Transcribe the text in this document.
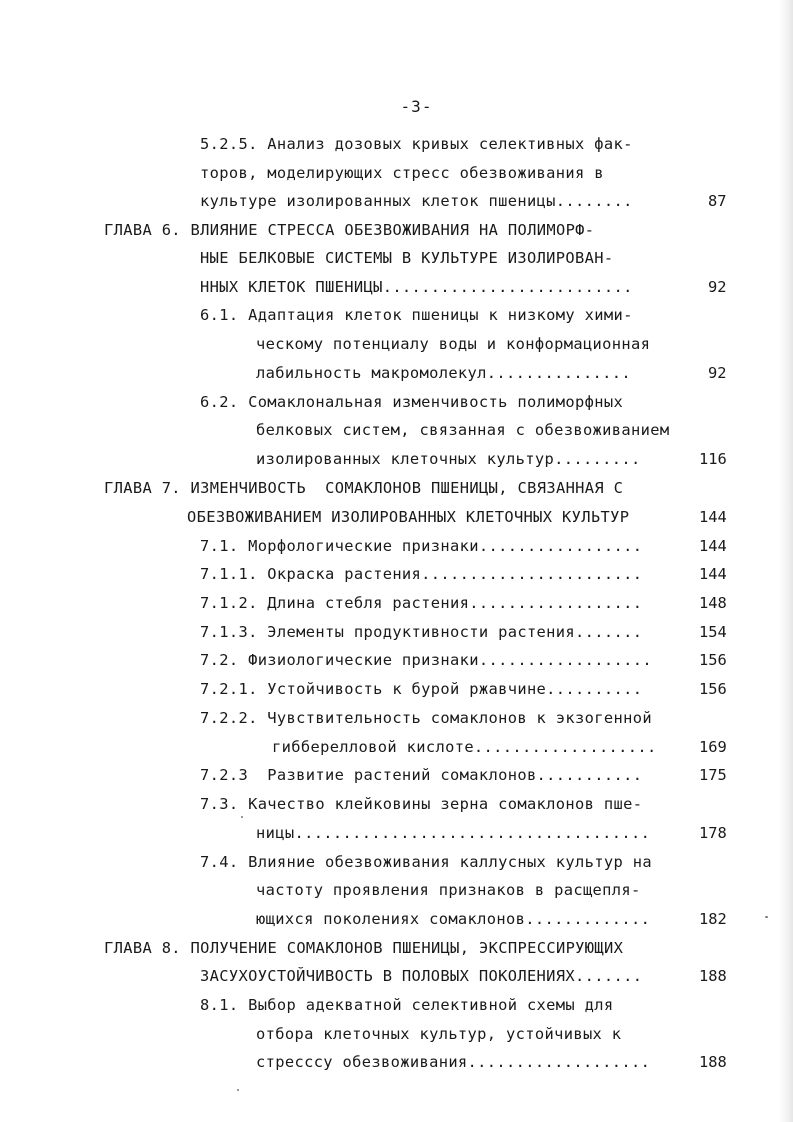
-3-
5.2.5. Анализ дозовых кривых селективных фак-
торов, моделирующих стресс обезвоживания в
культуре изолированных клеток пшеницы........	87
ГЛАВА 6. ВЛИЯНИЕ СТРЕССА ОБЕЗВОЖИВАНИЯ НА ПОЛИМОРФ-
НЫЕ БЕЛКОВЫЕ СИСТЕМЫ В КУЛЬТУРЕ ИЗОЛИРОВАН-
ННЫХ КЛЕТОК ПШЕНИЦЫ..........................	92
6.1. Адаптация клеток пшеницы к низкому хими-
ческому потенциалу воды и конформационная
лабильность макромолекул...............	92
6.2. Сомаклональная изменчивость полиморфных
белковых систем, связанная с обезвоживанием
изолированных клеточных культур.........	116
ГЛАВА 7. ИЗМЕНЧИВОСТЬ  СОМАКЛОНОВ ПШЕНИЦЫ, СВЯЗАННАЯ С
ОБЕЗВОЖИВАНИЕМ ИЗОЛИРОВАННЫХ КЛЕТОЧНЫХ КУЛЬТУР	144
7.1. Морфологические признаки.................	144
7.1.1. Окраска растения.......................	144
7.1.2. Длина стебля растения..................	148
7.1.3. Элементы продуктивности растения.......	154
7.2. Физиологические признаки..................	156
7.2.1. Устойчивость к бурой ржавчине..........	156
7.2.2. Чувствительность сомаклонов к экзогенной
гиббереллoвой кислоте...................	169
7.2.3  Развитие растений сомаклонов...........	175
7.3. Качество клейковины зерна сомаклонов пше-
ницы.....................................	178
7.4. Влияние обезвоживания каллусных культур на
частоту проявления признаков в расщепля-
ющихся поколениях сомаклонов.............	182
ГЛАВА 8. ПОЛУЧЕНИЕ СОМАКЛОНОВ ПШЕНИЦЫ, ЭКСПРЕССИРУЮЩИХ
ЗАСУХОУСТОЙЧИВОСТЬ В ПОЛОВЫХ ПОКОЛЕНИЯХ.......	188
8.1. Выбор адекватной селективной схемы для
отбора клеточных культур, устойчивых к
стресссу обезвоживания...................	188
